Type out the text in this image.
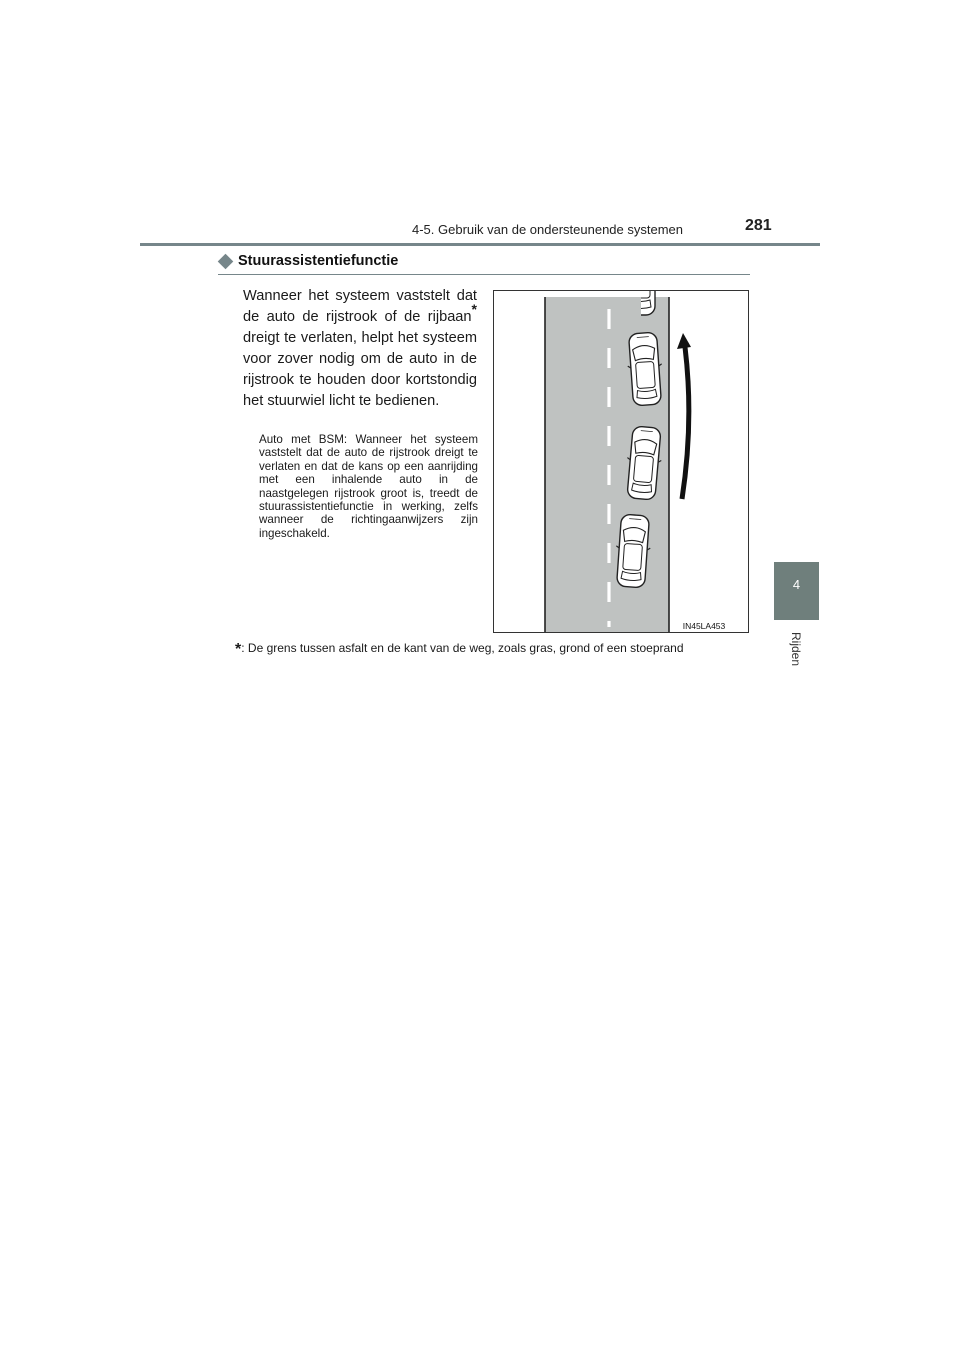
4-5. Gebruik van de ondersteunende systemen	281
4
Rijden
Stuurassistentiefunctie
Wanneer het systeem vaststelt dat de auto de rijstrook of de rijbaan* dreigt te verlaten, helpt het systeem voor zover nodig om de auto in de rijstrook te houden door kortstondig het stuurwiel licht te bedienen.
Auto met BSM: Wanneer het systeem vaststelt dat de auto de rijstrook dreigt te verlaten en dat de kans op een aanrijding met een inhalende auto in de naastgelegen rijstrook groot is, treedt de stuurassistentiefunctie in werking, zelfs wanneer de richtingaanwijzers zijn ingeschakeld.
IN45LA453
*: De grens tussen asfalt en de kant van de weg, zoals gras, grond of een stoeprand
